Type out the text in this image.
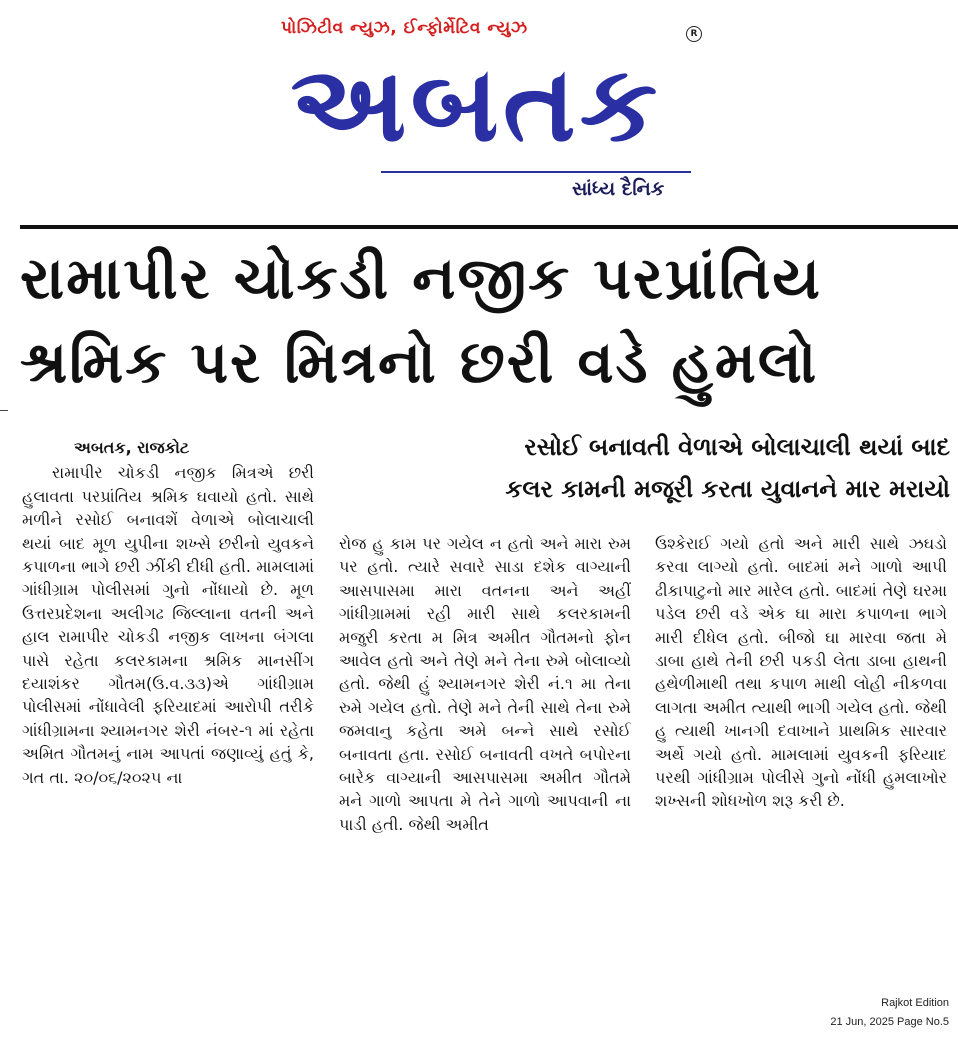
પોઝિટીવ ન્યુઝ, ઈન્ફોર્મેટિવ ન્યુઝ	R
અબતક
સાંધ્ય દૈનિક
રામાપીર ચોકડી નજીક પરપ્રાંતિય
શ્રમિક પર મિત્રનો છરી વડે હુમલો
રસોઈ બનાવતી વેળાએ બોલાચાલી થયાં બાદ
કલર કામની મજૂરી કરતા યુવાનને માર મરાયો
અબતક, રાજકોટ
રામાપીર ચોકડી નજીક મિત્રએ છરી હુલાવતા પરપ્રાંતિય શ્રમિક ઘવાયો હતો. સાથે મળીને રસોઈ બનાવશેં વેળાએ બોલાચાલી થયાં બાદ મૂળ યુપીના શખ્સે છરીનો યુવકને કપાળના ભાગે છરી ઝીંકી દીધી હતી. મામલામાં ગાંધીગ્રામ પોલીસમાં ગુનો નોંધાયો છે. મૂળ ઉત્તરપ્રદેશના અલીગઢ જિલ્લાના વતની અને હાલ રામાપીર ચોકડી નજીક લાખના બંગલા પાસે રહેતા કલરકામના શ્રમિક માનસીંગ દયાશંકર ગૌતમ(ઉ.વ.૩૩)એ ગાંધીગ્રામ પોલીસમાં નોંધાવેલી ફરિયાદમાં આરોપી તરીકે ગાંધીગ્રામના શ્યામનગર શેરી નંબર-૧ માં રહેતા અમિત ગૌતમનું નામ આપતાં જણાવ્યું હતું કે, ગત તા. ૨૦/૦૬/૨૦૨૫ ના
રોજ હુ કામ પર ગયેલ ન હતો અને મારા રુમ પર હતો. ત્યારે સવારે સાડા દશેક વાગ્યાની આસપાસમા મારા વતનના અને અહીં ગાંધીગ્રામમાં રહી મારી સાથે કલરકામની મજુરી કરતા મ મિત્ર અમીત ગૌતમનો ફોન આવેલ હતો અને તેણે મને તેના રુમે બોલાવ્યો હતો. જેથી હું શ્યામનગર શેરી નં.૧ મા તેના રુમે ગયેલ હતો. તેણે મને તેની સાથે તેના રુમે જમવાનુ કહેતા અમે બન્ને સાથે રસોઈ બનાવતા હતા. રસોઈ બનાવતી વખતે બપોરના બારેક વાગ્યાની આસપાસમા અમીત ગૌતમે મને ગાળો આપતા મે તેને ગાળો આપવાની ના પાડી હતી. જેથી અમીત
ઉશ્કેરાઈ ગયો હતો અને મારી સાથે ઝઘડો કરવા લાગ્યો હતો. બાદમાં મને ગાળો આપી ઢીકાપાટુનો માર મારેલ હતો. બાદમાં તેણે ઘરમા પડેલ છરી વડે એક ઘા મારા કપાળના ભાગે મારી દીધેલ હતો. બીજો ઘા મારવા જતા મે ડાબા હાથે તેની છરી પકડી લેતા ડાબા હાથની હથેળીમાથી તથા કપાળ માથી લોહી નીકળવા લાગતા અમીત ત્યાથી ભાગી ગયેલ હતો. જેથી હુ ત્યાથી ખાનગી દવાખાને પ્રાથમિક સારવાર અર્થે ગયો હતો. મામલામાં યુવકની ફરિયાદ પરથી ગાંધીગ્રામ પોલીસે ગુનો નોંધી હુમલાખોર શખ્સની શોધખોળ શરૂ કરી છે.
Rajkot Edition
21 Jun, 2025 Page No.5
